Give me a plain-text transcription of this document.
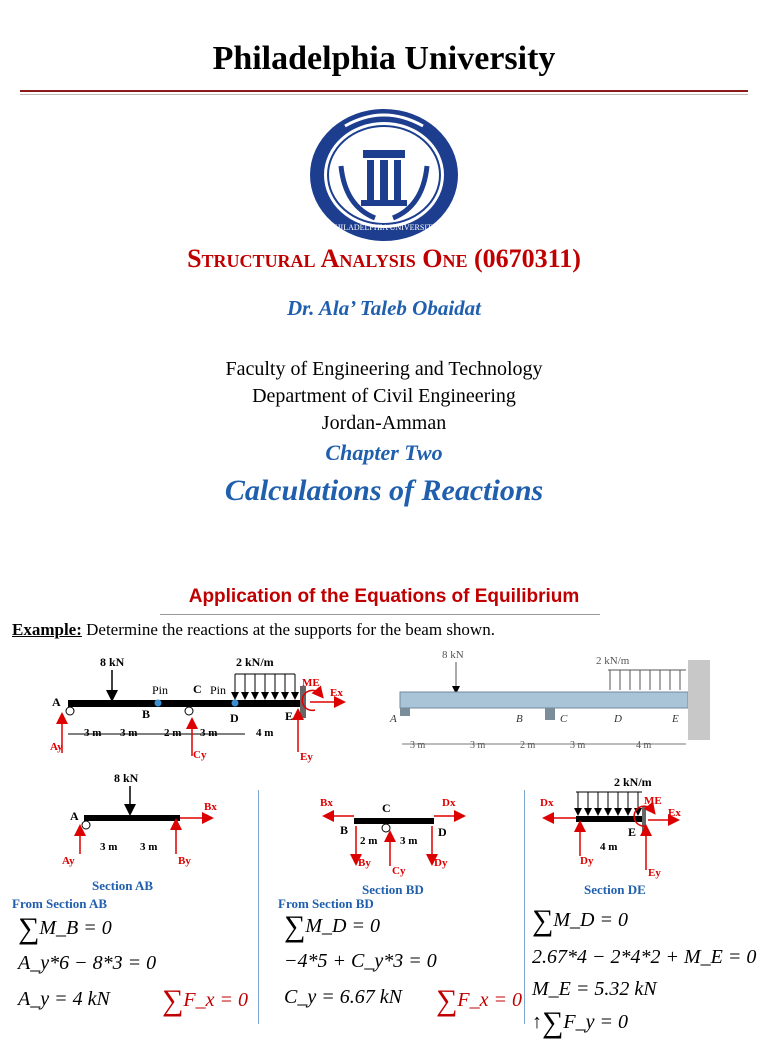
Philadelphia University
PHILADELPHIA UNIVERSITY
Structural Analysis One (0670311)
Dr. Ala’ Taleb Obaidat
Faculty of Engineering and Technology
Department of Civil Engineering
Jordan-Amman
Chapter Two
Calculations of Reactions
Application of the Equations of Equilibrium
Example: Determine the reactions at the supports for the beam shown.
8 kN	2 kN/m
A
B
C
D	E
Pin	Pin
3 m 3 m 2 m 3 m	4 m
Ay
Cy	Ey
Ex
ME
8 kN	2 kN/m
A	B	C	D	E
3 m	3 m	2 m	3 m	4 m
8 kN
A
Bx
By
Ay
3 m 3 m
Section AB
Bx	Dx
C
B	D
2 m 3 m
By
Cy
Dy
Section BD
2 kN/m
Dx
Dy
E
4 m
ME
Ex
Ey
Section DE
From Section AB
∑M_B = 0
A_y*6 − 8*3 = 0
A_y = 4 kN ∑F_x = 0
From Section BD
∑M_D = 0
−4*5 + C_y*3 = 0
C_y = 6.67 kN ∑F_x = 0
∑M_D = 0
2.67*4 − 2*4*2 + M_E = 0
M_E = 5.32 kN
↑∑F_y = 0
